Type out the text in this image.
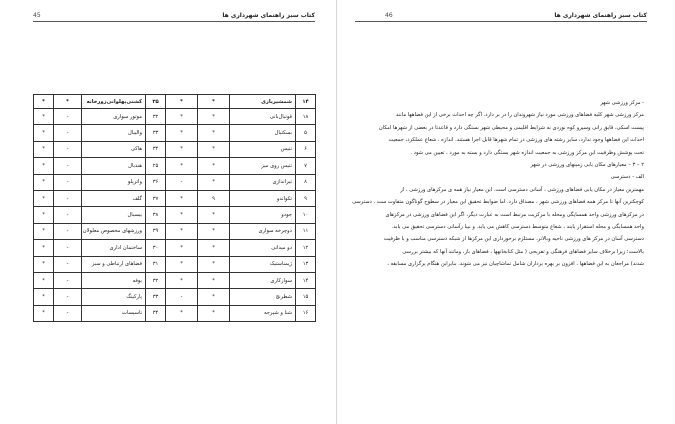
45	کتاب سبز راهنمای شهرداری ها
۱۴	شمشیربازی	*	*	۳۵	کشتی‌پهلوانی‌زورخانه	*	*
۱۸	فوتبال‌بانی	*	*	۳۲	موتور سواری	-	*
۵	بسکتبال	*	*	۳۳	والیبال	-	*
۶	تنیس	*	*	۳۴	هاکی	-	*
۷	تنیس روی میز	*	*	۲۵	هندبال	-	*
۸	تیراندازی	*	-	۳۶	واترپلو	-	*
۹	تکواندو	۹	*	۳۷	گلف	-	*
۱۰	جودو	*	*	۳۸	بیسبال	-	*
۱۱	دوچرخه سواری	*	*	۳۹	ورزشهای مخصوص معلولان	-	*
۱۲	دو میدانی	*	*	۳۰	ساختمان اداری	-	*
۱۳	ژیمناستیک	*	*	۳۱	فضاهای ارتباطی و سبز	-	*
۱۴	سوارکاری	*	*	۳۲	بوفه	-	*
۱۵	شطرنج	*	-	۳۳	پارکینگ	-	*
۱۶	شنا و شیرجه	*	*	۳۴	تاسیسات	-	*
46	کتاب سبز راهنمای شهرداری ها
- مرکز ورزشی شهر
مرکز ورزشی شهر کلیه فضاهای ورزشی مورد نیاز شهروندان را در بر دارد. اگر چه احداث برخی از این فضاهها مانند
پیست اسکی، قایق رانی وسیرو کوه نوردی به شرایط اقلیمی و محیطی شهر بستگی دارد و قاعدتا در بعضی از شهرها امکان
احداث این فضاهها وجود ندارد، سایر رشته های ورزشی در تمام شهرها قابل اجرا هستند. اندازه ، شعاع عملکرد، جمعیت
تحت پوشش وظرفیت این مرکز ورزشی به جمعیت اندازه شهر بستگی دارد و بسته به مورد ، تعیین می شود .
۲ – ۳ – معیارهای مکان یابی زمینهای ورزشی در شهر
الف - دسترسی
مهمترین معیار در مکان یابی فضاهای ورزشی ، آسانی دسترسی است. این معیار نیاز همه ی مرکزهای ورزشی ، از
کوچکترین آنها تا مرکز همه فضاهای ورزشی شهر ، مصداق دارد. اما ضوابط تحقیق این معیار در سطوح گوناگون متفاوت ست . دسترسی
در مرکزهای ورزشی واحد همسایگی ومحله با مرکزیت مرتبط است به عبارت دیگر، اگر این فضاهای ورزشی در مرکزهای
واحد همسایگی و محله استقرار یابند ، شعاع متوسط دسترسی کاهش می یابد. و نیبا رآسانی دسترسی تحقیق می یابد.
دسترسی آسان در مرکز های ورزشی ناحیه وبالاتر، مستلزم برخورداری این مرکزها از شبکه دسترسی مناسب و با ظرفیت
بالاست؛ زیرا برخلاف سایر فضاهای فرهنگی و تفریحی ( مثل کتابخانهها ، فضاهای باز، ومانند آنها که بیشتر بررسی
شدند) مراجعان به این فضاهها ، افزون بر بهره برداران شامل تماشاچیان نیز می شوند. بنابراین هنگام برگزاری مسابقه ،
